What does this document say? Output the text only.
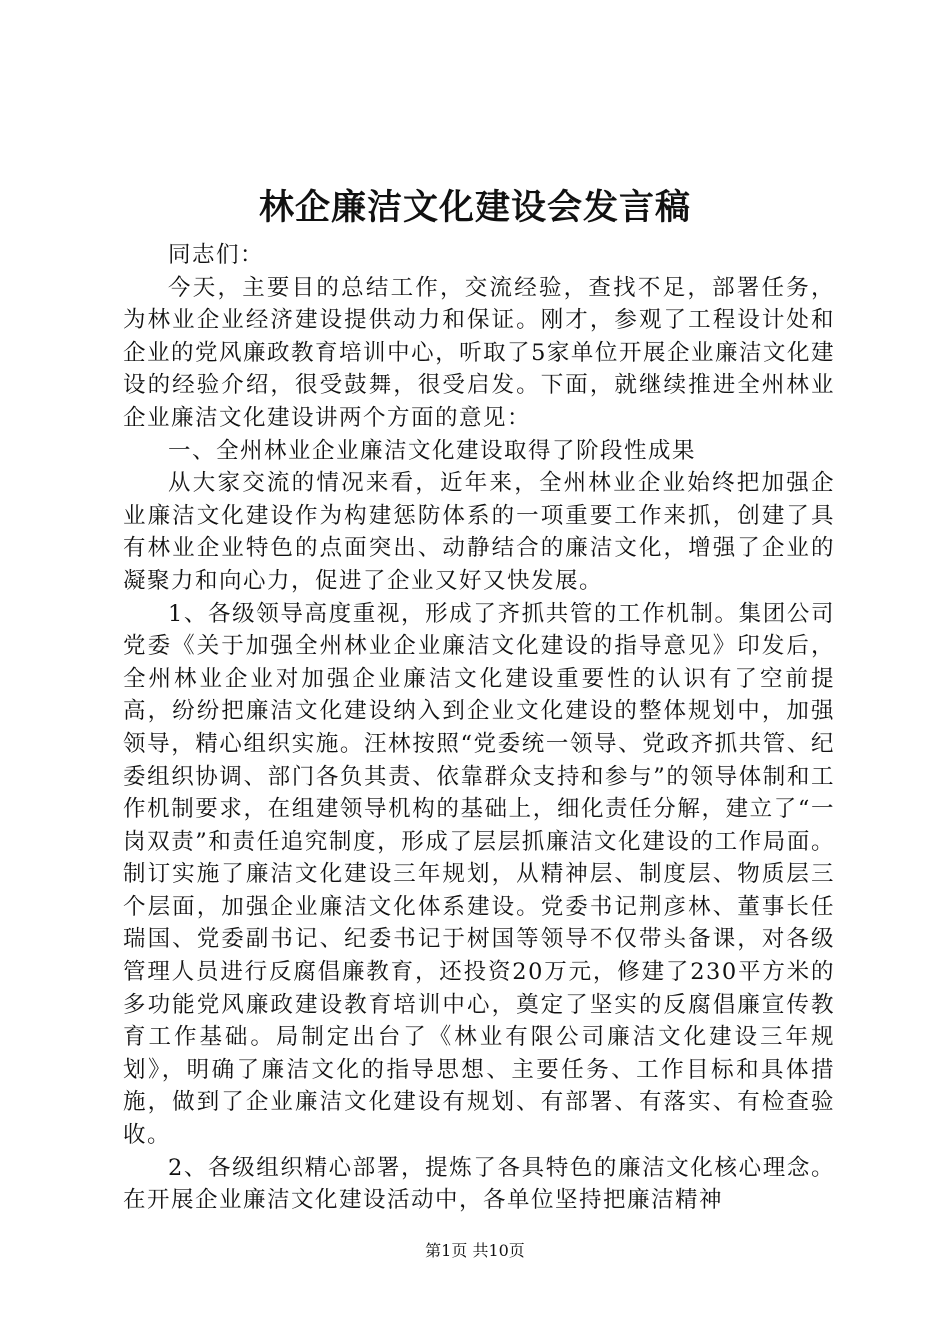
林企廉洁文化建设会发言稿

同志们：

今天，主要目的总结工作，交流经验，查找不足，部署任务，为林业企业经济建设提供动力和保证。刚才，参观了工程设计处和企业的党风廉政教育培训中心，听取了5家单位开展企业廉洁文化建设的经验介绍，很受鼓舞，很受启发。下面，就继续推进全州林业企业廉洁文化建设讲两个方面的意见：

一、全州林业企业廉洁文化建设取得了阶段性成果

从大家交流的情况来看，近年来，全州林业企业始终把加强企业廉洁文化建设作为构建惩防体系的一项重要工作来抓，创建了具有林业企业特色的点面突出、动静结合的廉洁文化，增强了企业的凝聚力和向心力，促进了企业又好又快发展。

1、各级领导高度重视，形成了齐抓共管的工作机制。集团公司党委《关于加强全州林业企业廉洁文化建设的指导意见》印发后，全州林业企业对加强企业廉洁文化建设重要性的认识有了空前提高，纷纷把廉洁文化建设纳入到企业文化建设的整体规划中，加强领导，精心组织实施。汪林按照“党委统一领导、党政齐抓共管、纪委组织协调、部门各负其责、依靠群众支持和参与”的领导体制和工作机制要求，在组建领导机构的基础上，细化责任分解，建立了“一岗双责”和责任追究制度，形成了层层抓廉洁文化建设的工作局面。制订实施了廉洁文化建设三年规划，从精神层、制度层、物质层三个层面，加强企业廉洁文化体系建设。党委书记荆彦林、董事长任瑞国、党委副书记、纪委书记于树国等领导不仅带头备课，对各级管理人员进行反腐倡廉教育，还投资20万元，修建了230平方米的多功能党风廉政建设教育培训中心，奠定了坚实的反腐倡廉宣传教育工作基础。局制定出台了《林业有限公司廉洁文化建设三年规划》，明确了廉洁文化的指导思想、主要任务、工作目标和具体措施，做到了企业廉洁文化建设有规划、有部署、有落实、有检查验收。

2、各级组织精心部署，提炼了各具特色的廉洁文化核心理念。在开展企业廉洁文化建设活动中，各单位坚持把廉洁精神

第1页 共10页
